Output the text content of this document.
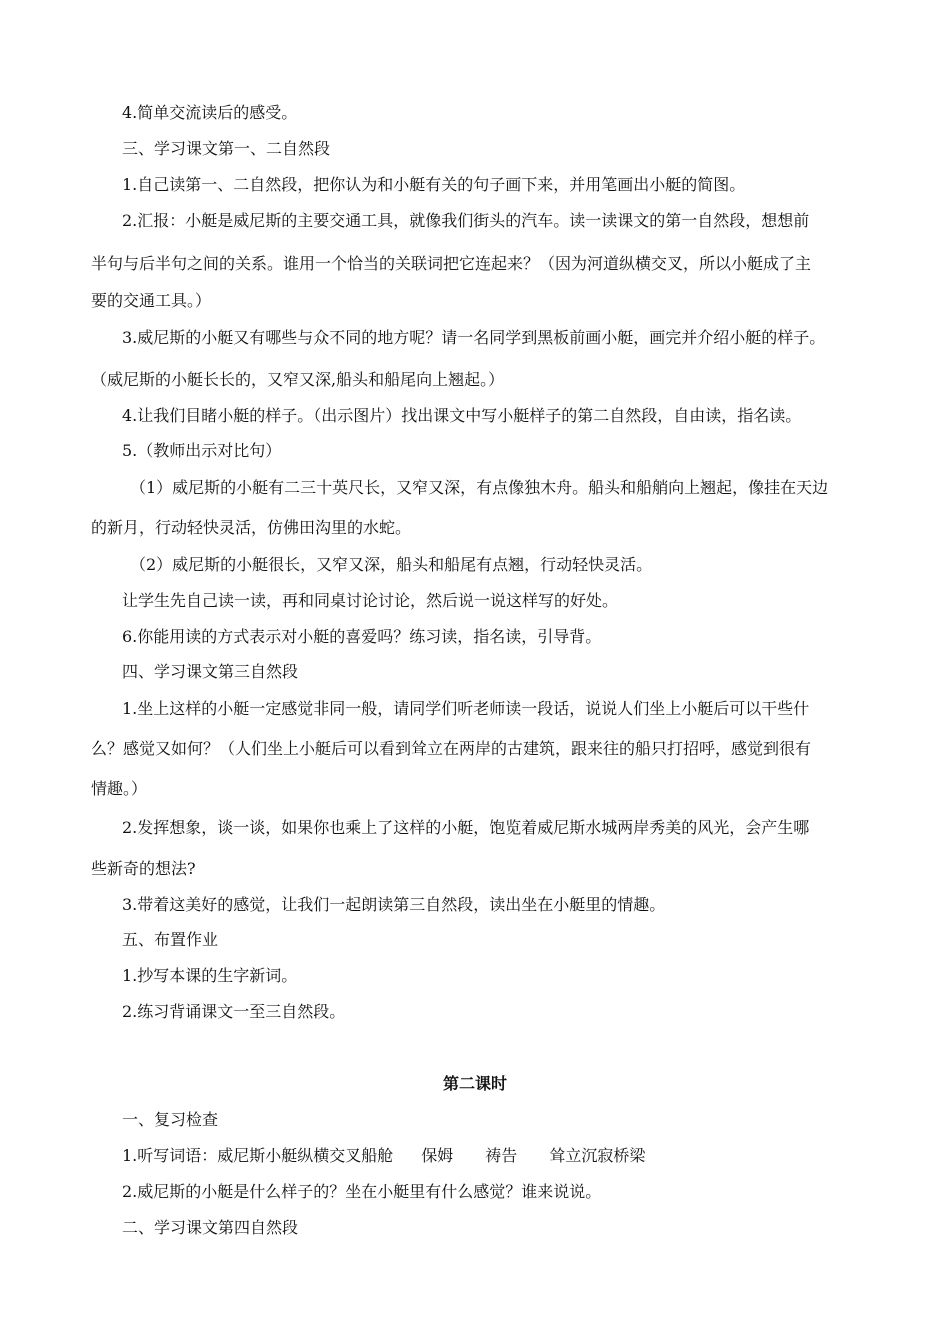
4.简单交流读后的感受。
三、学习课文第一、二自然段
1.自己读第一、二自然段，把你认为和小艇有关的句子画下来，并用笔画出小艇的简图。
2.汇报：小艇是威尼斯的主要交通工具，就像我们街头的汽车。读一读课文的第一自然段，想想前
半句与后半句之间的关系。谁用一个恰当的关联词把它连起来？（因为河道纵横交叉，所以小艇成了主
要的交通工具。）
3.威尼斯的小艇又有哪些与众不同的地方呢？请一名同学到黑板前画小艇，画完并介绍小艇的样子。
（威尼斯的小艇长长的，又窄又深,船头和船尾向上翘起。）
4.让我们目睹小艇的样子。（出示图片）找出课文中写小艇样子的第二自然段，自由读，指名读。
5.（教师出示对比句）
（1）威尼斯的小艇有二三十英尺长，又窄又深，有点像独木舟。船头和船艄向上翘起，像挂在天边
的新月，行动轻快灵活，仿佛田沟里的水蛇。
（2）威尼斯的小艇很长，又窄又深，船头和船尾有点翘，行动轻快灵活。
让学生先自己读一读，再和同桌讨论讨论，然后说一说这样写的好处。
6.你能用读的方式表示对小艇的喜爱吗？练习读，指名读，引导背。
四、学习课文第三自然段
1.坐上这样的小艇一定感觉非同一般，请同学们听老师读一段话，说说人们坐上小艇后可以干些什
么？感觉又如何？（人们坐上小艇后可以看到耸立在两岸的古建筑，跟来往的船只打招呼，感觉到很有
情趣。）
2.发挥想象，谈一谈，如果你也乘上了这样的小艇，饱览着威尼斯水城两岸秀美的风光，会产生哪
些新奇的想法?
3.带着这美好的感觉，让我们一起朗读第三自然段，读出坐在小艇里的情趣。
五、布置作业
1.抄写本课的生字新词。
2.练习背诵课文一至三自然段。
第二课时
一、复习检查
1.听写词语：威尼斯小艇纵横交叉船舱 保姆 祷告 耸立沉寂桥梁
2.威尼斯的小艇是什么样子的？坐在小艇里有什么感觉？谁来说说。
二、学习课文第四自然段
